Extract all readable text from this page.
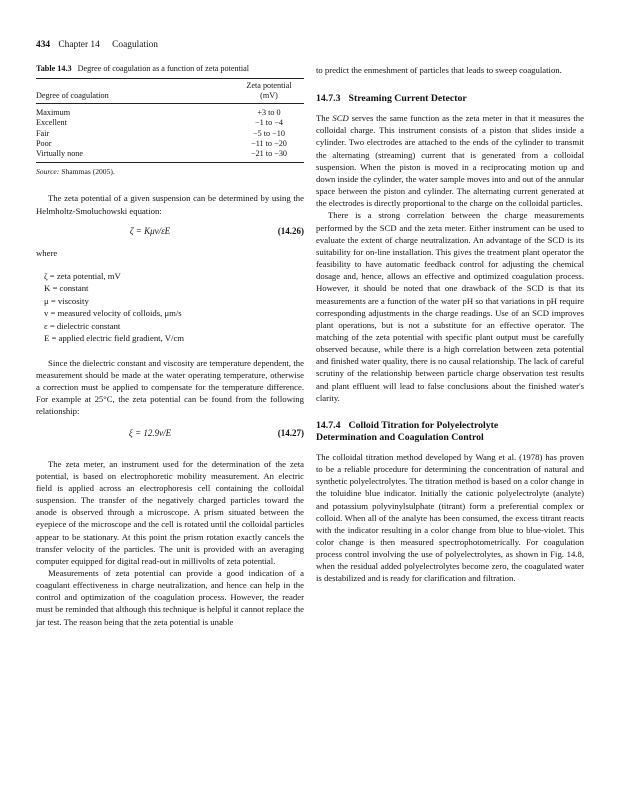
434 Chapter 14 Coagulation

Table 14.3 Degree of coagulation as a function of zeta potential

Degree of coagulation	Zeta potential
(mV)
Maximum	+3 to 0
Excellent	−1 to −4
Fair	−5 to −10
Poor	−11 to −20
Virtually none	−21 to −30

Source: Shammas (2005).

The zeta potential of a given suspension can be determined by using the Helmholtz-Smoluchowski equation:

ζ = Kμv/εE	(14.26)

where

ζ = zeta potential, mV
K = constant
μ = viscosity
v = measured velocity of colloids, μm/s
ε = dielectric constant
E = applied electric field gradient, V/cm

Since the dielectric constant and viscosity are temperature dependent, the measurement should be made at the water operating temperature, otherwise a correction must be applied to compensate for the temperature difference. For example at 25°C, the zeta potential can be found from the following relationship:

ξ = 12.9v/E	(14.27)

The zeta meter, an instrument used for the determination of the zeta potential, is based on electrophoretic mobility measurement. An electric field is applied across an electrophoresis cell containing the colloidal suspension. The transfer of the negatively charged particles toward the anode is observed through a microscope. A prism situated between the eyepiece of the microscope and the cell is rotated until the colloidal particles appear to be stationary. At this point the prism rotation exactly cancels the transfer velocity of the particles. The unit is provided with an averaging computer equipped for digital read-out in millivolts of zeta potential.

Measurements of zeta potential can provide a good indication of a coagulant effectiveness in charge neutralization, and hence can help in the control and optimization of the coagulation process. However, the reader must be reminded that although this technique is helpful it cannot replace the jar test. The reason being that the zeta potential is unable

to predict the enmeshment of particles that leads to sweep coagulation.

14.7.3 Streaming Current Detector

The SCD serves the same function as the zeta meter in that it measures the colloidal charge. This instrument consists of a piston that slides inside a cylinder. Two electrodes are attached to the ends of the cylinder to transmit the alternating (streaming) current that is generated from a colloidal suspension. When the piston is moved in a reciprocating motion up and down inside the cylinder, the water sample moves into and out of the annular space between the piston and cylinder. The alternating current generated at the electrodes is directly proportional to the charge on the colloidal particles.

There is a strong correlation between the charge measurements performed by the SCD and the zeta meter. Either instrument can be used to evaluate the extent of charge neutralization. An advantage of the SCD is its suitability for on-line installation. This gives the treatment plant operator the feasibility to have automatic feedback control for adjusting the chemical dosage and, hence, allows an effective and optimized coagulation process. However, it should be noted that one drawback of the SCD is that its measurements are a function of the water pH so that variations in pH require corresponding adjustments in the charge readings. Use of an SCD improves plant operations, but is not a substitute for an effective operator. The matching of the zeta potential with specific plant output must be carefully observed because, while there is a high correlation between zeta potential and finished water quality, there is no causal relationship. The lack of careful scrutiny of the relationship between particle charge observation test results and plant effluent will lead to false conclusions about the finished water's clarity.

14.7.4 Colloid Titration for Polyelectrolyte
Determination and Coagulation Control

The colloidal titration method developed by Wang et al. (1978) has proven to be a reliable procedure for determining the concentration of natural and synthetic polyelectrolytes. The titration method is based on a color change in the toluidine blue indicator. Initially the cationic polyelectrolyte (analyte) and potassium polyvinylsulphate (titrant) form a preferential complex or colloid. When all of the analyte has been consumed, the excess titrant reacts with the indicator resulting in a color change from blue to blue-violet. This color change is then measured spectrophotometrically. For coagulation process control involving the use of polyelectrolytes, as shown in Fig. 14.8, when the residual added polyelectrolytes become zero, the coagulated water is destabilized and is ready for clarification and filtration.
